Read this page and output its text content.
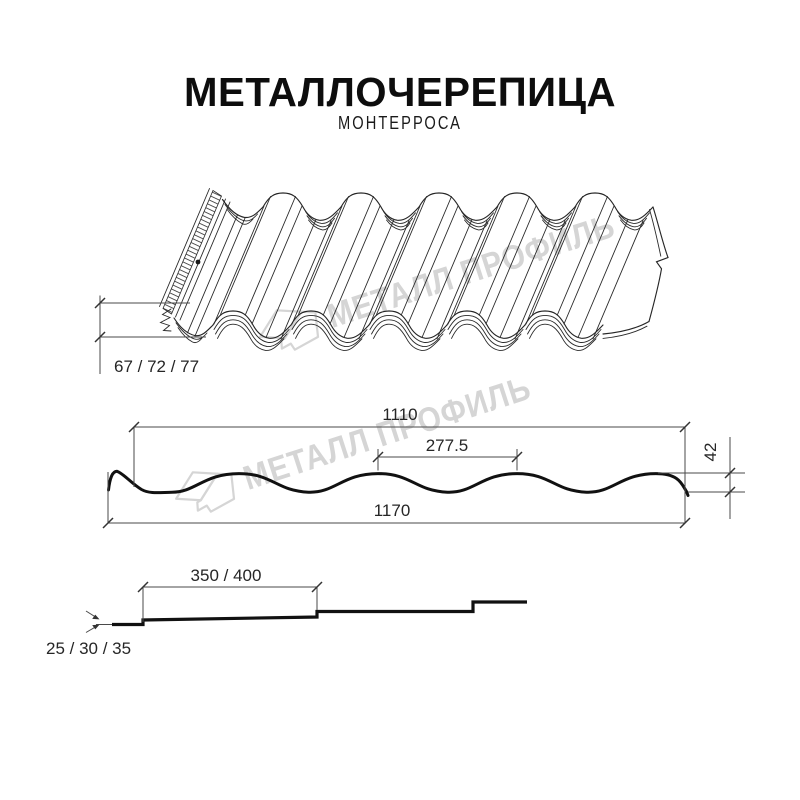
МЕТАЛЛОЧЕРЕПИЦА
МОНТЕРРОСА
67 / 72 / 77
1110
277.5
1170
42
350 / 400
25 / 30 / 35
